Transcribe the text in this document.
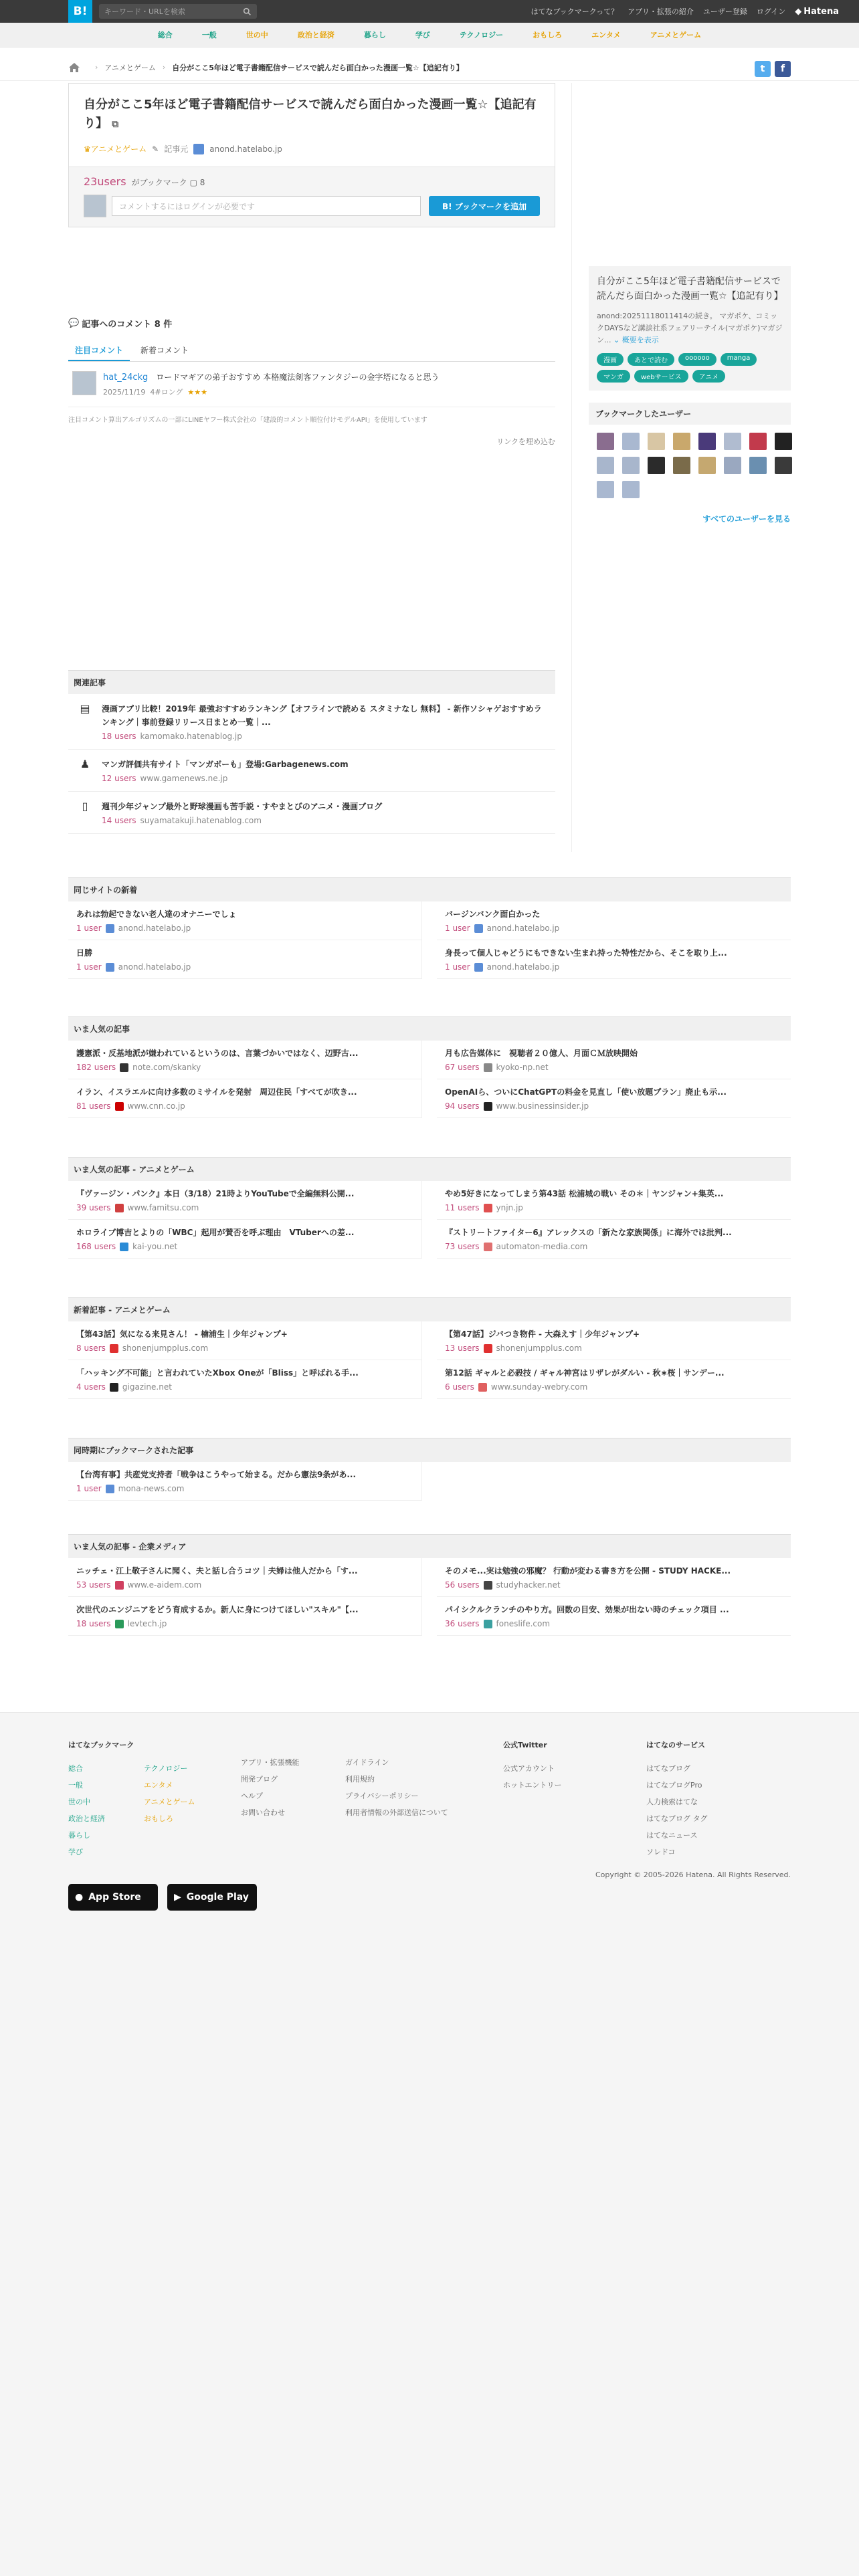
B!	キーワード・URLを検索	はてなブックマークって？ アプリ・拡張の紹介 ユーザー登録 ログイン ◆ Hatena
総合	一般	世の中	政治と経済	暮らし	学び	テクノロジー	おもしろ	エンタメ	アニメとゲーム
› アニメとゲーム › 自分がここ5年ほど電子書籍配信サービスで読んだら面白かった漫画一覧☆【追記有り】	t f
自分がここ5年ほど電子書籍配信サービスで読んだら面白かった漫画一覧☆【追記有り】 ⧉
♛アニメとゲーム ✎ 記事元	anond.hatelabo.jp
23users がブックマーク ▢ 8
コメントするにはログインが必要です	B! ブックマークを追加
💬 記事へのコメント 8 件
注目コメント	新着コメント
hat_24ckg ロードマギアの弟子おすすめ 本格魔法剣客ファンタジーの金字塔になると思う
2025/11/19 4#ロング ★★★
注目コメント算出アルゴリズムの一部にLINEヤフー株式会社の「建設的コメント順位付けモデルAPI」を使用しています
リンクを埋め込む
関連記事
▤ 漫画アプリ比較！2019年 最強おすすめランキング【オフラインで読める スタミナなし 無料】 - 新作ソシャゲおすすめランキング｜事前登録リリース日まとめ一覧｜...
18 users kamomako.hatenablog.jp
♟	マンガ評価共有サイト「マンガボーも」登場:Garbagenews.com
12 users www.gamenews.ne.jp
▯	週刊少年ジャンプ最外と野球漫画も苦手説・すやまとびのアニメ・漫画ブログ
14 users suyamatakuji.hatenablog.com
自分がここ5年ほど電子書籍配信サービスで読んだら面白かった漫画一覧☆【追記有り】
anond:20251118011414の続き。 マガポケ、コミックDAYSなど講談社系フェアリーテイル(マガポケ)マガジン... ⌄ 概要を表示
漫画	あとで読む	oooooo	manga
マンガ	webサービス	アニメ
ブックマークしたユーザー
すべてのユーザーを見る
同じサイトの新着
あれは勃起できない老人達のオナニーでしょ
1 user anond.hatelabo.jp
バージンバンク面白かった
1 user anond.hatelabo.jp
日勝
1 user anond.hatelabo.jp
身長って個人じゃどうにもできない生まれ持った特性だから、そこを取り上...
1 user anond.hatelabo.jp
いま人気の記事
護憲派・反基地派が嫌われているというのは、言葉づかいではなく、辺野古...
182 users note.com/skanky
月も広告媒体に　視聴者２０億人、月面ＣＭ放映開始
67 users kyoko-np.net
イラン、イスラエルに向け多数のミサイルを発射　周辺住民「すべてが吹き...
81 users www.cnn.co.jp
OpenAIら、ついにChatGPTの料金を見直し「使い放題プラン」廃止も示...
94 users www.businessinsider.jp
いま人気の記事 - アニメとゲーム
『ヴァージン・パンク』本日（3/18）21時よりYouTubeで全編無料公開...
39 users www.famitsu.com
やめ5好きになってしまう第43話 松浦城の戦い その＊｜ヤンジャン+集英...
11 users ynjn.jp
ホロライブ博吉とよりの「WBC」起用が賛否を呼ぶ理由　VTuberへの差...
168 users kai-you.net
『ストリートファイター6』アレックスの「新たな家族関係」に海外では批判...
73 users automaton-media.com
新着記事 - アニメとゲーム
【第43話】気になる来見さん！ - 楠浦生｜少年ジャンプ+
8 users shonenjumpplus.com
【第47話】ジバつき物件 - 大森えす｜少年ジャンプ+
13 users shonenjumpplus.com
「ハッキング不可能」と言われていたXbox Oneが「Bliss」と呼ばれる手...
4 users gigazine.net
第12話 ギャルと必殺技 / ギャル神宮はリザレがダルい - 秋∗桜｜サンデー...
6 users www.sunday-webry.com
同時期にブックマークされた記事
【台湾有事】共産党支持者「戦争はこうやって始まる。だから憲法9条があ...
1 user mona-news.com
いま人気の記事 - 企業メディア
ニッチェ・江上敬子さんに聞く、夫と話し合うコツ｜夫婦は他人だから「す...
53 users www.e-aidem.com
そのメモ...実は勉強の邪魔？ 行動が変わる書き方を公開 - STUDY HACKE...
56 users studyhacker.net
次世代のエンジニアをどう育成するか。新人に身につけてほしい"スキル"【...
18 users levtech.jp
パイシクルクランチのやり方。回数の目安、効果が出ない時のチェック項目 ...
36 users foneslife.com
はてなブックマーク
総合
一般
世の中
政治と経済
暮らし
学び
テクノロジー
エンタメ
アニメとゲーム
おもしろ
アプリ・拡張機能
開発ブログ
ヘルプ
お問い合わせ
ガイドライン
利用規約
プライバシーポリシー
利用者情報の外部送信について
公式Twitter
公式アカウント
ホットエントリー
はてなのサービス
はてなブログ
はてなブログPro
人力検索はてな
はてなブログ タグ
はてなニュース
ソレドコ
● App Store	▶ Google Play
Copyright © 2005-2026 Hatena. All Rights Reserved.
